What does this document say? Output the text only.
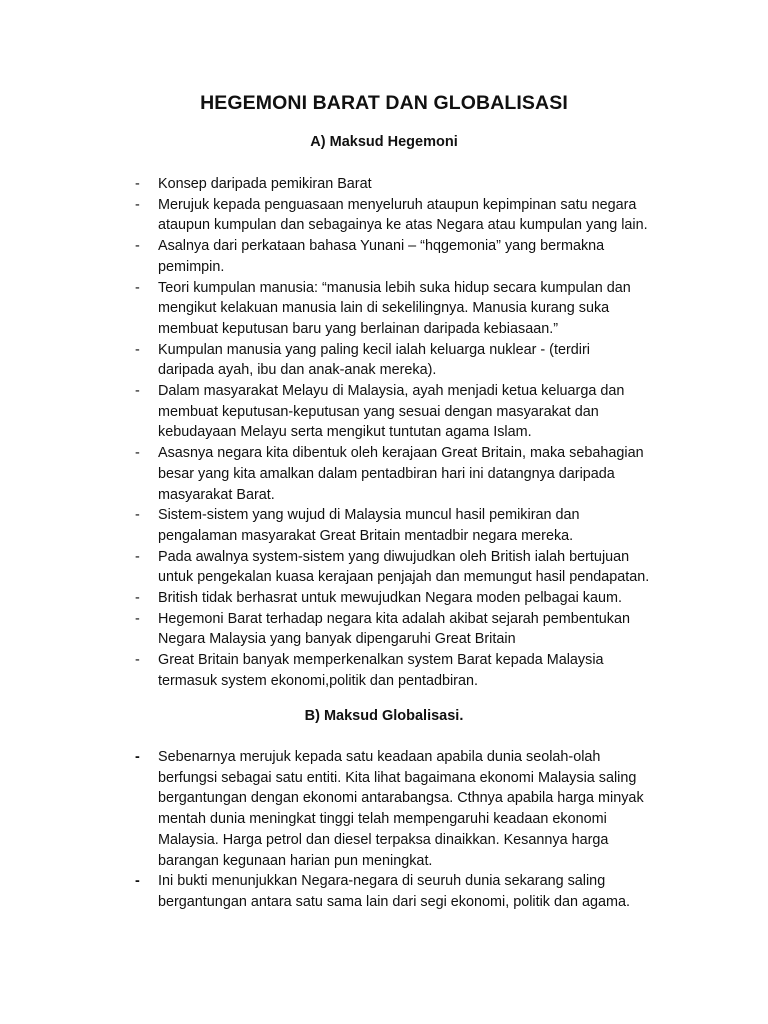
HEGEMONI BARAT DAN GLOBALISASI
A) Maksud Hegemoni
-	Konsep daripada pemikiran Barat
-	Merujuk kepada penguasaan menyeluruh ataupun kepimpinan satu negara
ataupun kumpulan dan sebagainya ke atas Negara atau kumpulan yang lain.
-	Asalnya dari perkataan bahasa Yunani – “hqgemonia” yang bermakna
pemimpin.
-	Teori kumpulan manusia: “manusia lebih suka hidup secara kumpulan dan
mengikut kelakuan manusia lain di sekelilingnya. Manusia kurang suka
membuat keputusan baru yang berlainan daripada kebiasaan.”
-	Kumpulan manusia yang paling kecil ialah keluarga nuklear - (terdiri
daripada ayah, ibu dan anak-anak mereka).
-	Dalam masyarakat Melayu di Malaysia, ayah menjadi ketua keluarga dan
membuat keputusan-keputusan yang sesuai dengan masyarakat dan
kebudayaan Melayu serta mengikut tuntutan agama Islam.
-	Asasnya negara kita dibentuk oleh kerajaan Great Britain, maka sebahagian
besar yang kita amalkan dalam pentadbiran hari ini datangnya daripada
masyarakat Barat.
-	Sistem-sistem yang wujud di Malaysia muncul hasil pemikiran dan
pengalaman masyarakat Great Britain mentadbir negara mereka.
-	Pada awalnya system-sistem yang diwujudkan oleh British ialah bertujuan
untuk pengekalan kuasa kerajaan penjajah dan memungut hasil pendapatan.
-	British tidak berhasrat untuk mewujudkan Negara moden pelbagai kaum.
-	Hegemoni Barat terhadap negara kita adalah akibat sejarah pembentukan
Negara Malaysia yang banyak dipengaruhi Great Britain
-	Great Britain banyak memperkenalkan system Barat kepada Malaysia
termasuk system ekonomi,politik dan pentadbiran.
B) Maksud Globalisasi.
-	Sebenarnya merujuk kepada satu keadaan apabila dunia seolah-olah
berfungsi sebagai satu entiti. Kita lihat bagaimana ekonomi Malaysia saling
bergantungan dengan ekonomi antarabangsa. Cthnya apabila harga minyak
mentah dunia meningkat tinggi telah mempengaruhi keadaan ekonomi
Malaysia. Harga petrol dan diesel terpaksa dinaikkan. Kesannya harga
barangan kegunaan harian pun meningkat.
-	Ini bukti menunjukkan Negara-negara di seuruh dunia sekarang saling
bergantungan antara satu sama lain dari segi ekonomi, politik dan agama.
